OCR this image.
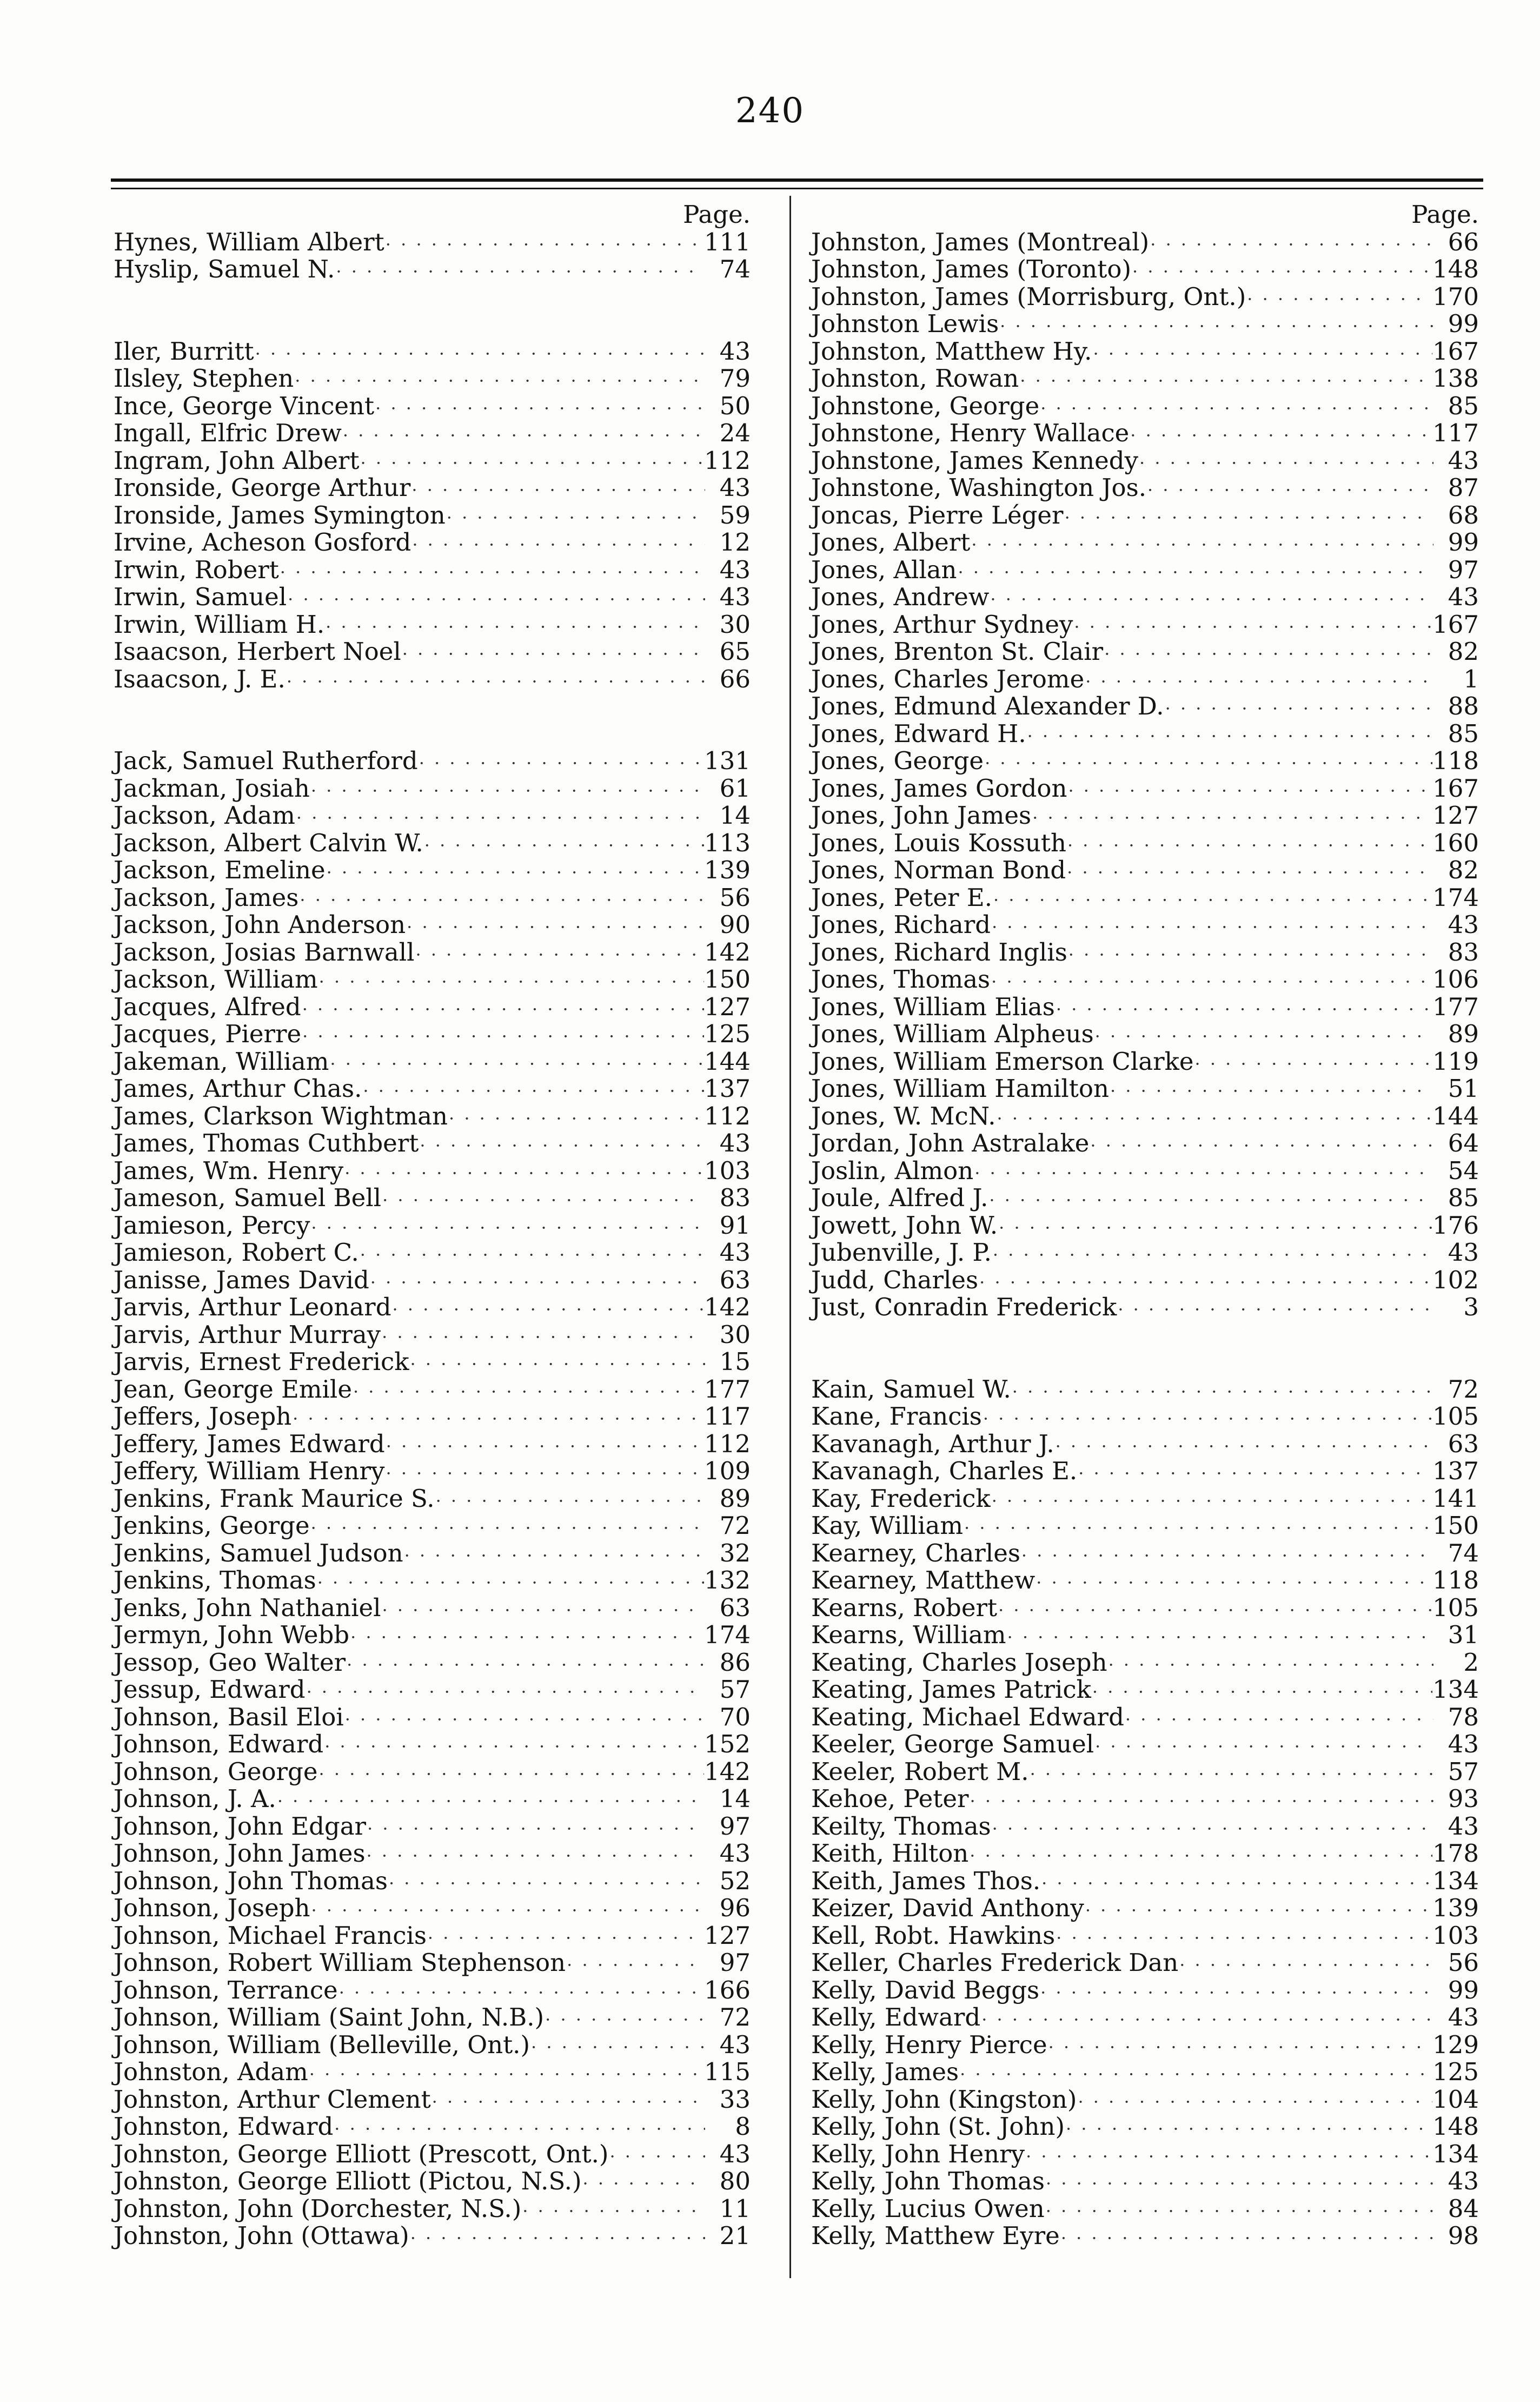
240
Page.
Hynes, William Albert · · ·	111
Hyslip, Samuel N. · · ·	74
Iler, Burritt · · ·	43
Ilsley, Stephen · · ·	79
Ince, George Vincent · · ·	50
Ingall, Elfric Drew · · ·	24
Ingram, John Albert · · ·	112
Ironside, George Arthur · · ·	43
Ironside, James Symington · · ·	59
Irvine, Acheson Gosford · · ·	12
Irwin, Robert · · ·	43
Irwin, Samuel · · ·	43
Irwin, William H. · · ·	30
Isaacson, Herbert Noel · · ·	65
Isaacson, J. E. · · ·	66
Jack, Samuel Rutherford · · ·	131
Jackman, Josiah · · ·	61
Jackson, Adam · · ·	14
Jackson, Albert Calvin W. · · ·	113
Jackson, Emeline · · ·	139
Jackson, James · · ·	56
Jackson, John Anderson · · ·	90
Jackson, Josias Barnwall · · ·	142
Jackson, William · · ·	150
Jacques, Alfred · · ·	127
Jacques, Pierre · · ·	125
Jakeman, William · · ·	144
James, Arthur Chas. · · ·	137
James, Clarkson Wightman · · ·	112
James, Thomas Cuthbert · · ·	43
James, Wm. Henry · · ·	103
Jameson, Samuel Bell · · ·	83
Jamieson, Percy · · ·	91
Jamieson, Robert C. · · ·	43
Janisse, James David · · ·	63
Jarvis, Arthur Leonard · · ·	142
Jarvis, Arthur Murray · · ·	30
Jarvis, Ernest Frederick · · ·	15
Jean, George Emile · · ·	177
Jeffers, Joseph · · ·	117
Jeffery, James Edward · · ·	112
Jeffery, William Henry · · ·	109
Jenkins, Frank Maurice S. · · ·	89
Jenkins, George · · ·	72
Jenkins, Samuel Judson · · ·	32
Jenkins, Thomas · · ·	132
Jenks, John Nathaniel · · ·	63
Jermyn, John Webb · · ·	174
Jessop, Geo Walter · · ·	86
Jessup, Edward · · ·	57
Johnson, Basil Eloi · · ·	70
Johnson, Edward · · ·	152
Johnson, George · · ·	142
Johnson, J. A. · · ·	14
Johnson, John Edgar · · ·	97
Johnson, John James · · ·	43
Johnson, John Thomas · · ·	52
Johnson, Joseph · · ·	96
Johnson, Michael Francis · · ·	127
Johnson, Robert William Stephenson · · ·	97
Johnson, Terrance · · ·	166
Johnson, William (Saint John, N.B.) · · ·	72
Johnson, William (Belleville, Ont.) · · ·	43
Johnston, Adam · · ·	115
Johnston, Arthur Clement · · ·	33
Johnston, Edward · · ·	8
Johnston, George Elliott (Prescott, Ont.) · · ·	43
Johnston, George Elliott (Pictou, N.S.) · · ·	80
Johnston, John (Dorchester, N.S.) · · ·	11
Johnston, John (Ottawa) · · ·	21
Page.
Johnston, James (Montreal) · · ·	66
Johnston, James (Toronto) · · ·	148
Johnston, James (Morrisburg, Ont.) · · ·	170
Johnston Lewis · · ·	99
Johnston, Matthew Hy. · · ·	167
Johnston, Rowan · · ·	138
Johnstone, George · · ·	85
Johnstone, Henry Wallace · · ·	117
Johnstone, James Kennedy · · ·	43
Johnstone, Washington Jos. · · ·	87
Joncas, Pierre Léger · · ·	68
Jones, Albert · · ·	99
Jones, Allan · · ·	97
Jones, Andrew · · ·	43
Jones, Arthur Sydney · · ·	167
Jones, Brenton St. Clair · · ·	82
Jones, Charles Jerome · · ·	1
Jones, Edmund Alexander D. · · ·	88
Jones, Edward H. · · ·	85
Jones, George · · ·	118
Jones, James Gordon · · ·	167
Jones, John James · · ·	127
Jones, Louis Kossuth · · ·	160
Jones, Norman Bond · · ·	82
Jones, Peter E. · · ·	174
Jones, Richard · · ·	43
Jones, Richard Inglis · · ·	83
Jones, Thomas · · ·	106
Jones, William Elias · · ·	177
Jones, William Alpheus · · ·	89
Jones, William Emerson Clarke · · ·	119
Jones, William Hamilton · · ·	51
Jones, W. McN. · · ·	144
Jordan, John Astralake · · ·	64
Joslin, Almon · · ·	54
Joule, Alfred J. · · ·	85
Jowett, John W. · · ·	176
Jubenville, J. P. · · ·	43
Judd, Charles · · ·	102
Just, Conradin Frederick · · ·	3
Kain, Samuel W. · · ·	72
Kane, Francis · · ·	105
Kavanagh, Arthur J. · · ·	63
Kavanagh, Charles E. · · ·	137
Kay, Frederick · · ·	141
Kay, William · · ·	150
Kearney, Charles · · ·	74
Kearney, Matthew · · ·	118
Kearns, Robert · · ·	105
Kearns, William · · ·	31
Keating, Charles Joseph · · ·	2
Keating, James Patrick · · ·	134
Keating, Michael Edward · · ·	78
Keeler, George Samuel · · ·	43
Keeler, Robert M. · · ·	57
Kehoe, Peter · · ·	93
Keilty, Thomas · · ·	43
Keith, Hilton · · ·	178
Keith, James Thos. · · ·	134
Keizer, David Anthony · · ·	139
Kell, Robt. Hawkins · · ·	103
Keller, Charles Frederick Dan · · ·	56
Kelly, David Beggs · · ·	99
Kelly, Edward · · ·	43
Kelly, Henry Pierce · · ·	129
Kelly, James · · ·	125
Kelly, John (Kingston) · · ·	104
Kelly, John (St. John) · · ·	148
Kelly, John Henry · · ·	134
Kelly, John Thomas · · ·	43
Kelly, Lucius Owen · · ·	84
Kelly, Matthew Eyre · · ·	98
